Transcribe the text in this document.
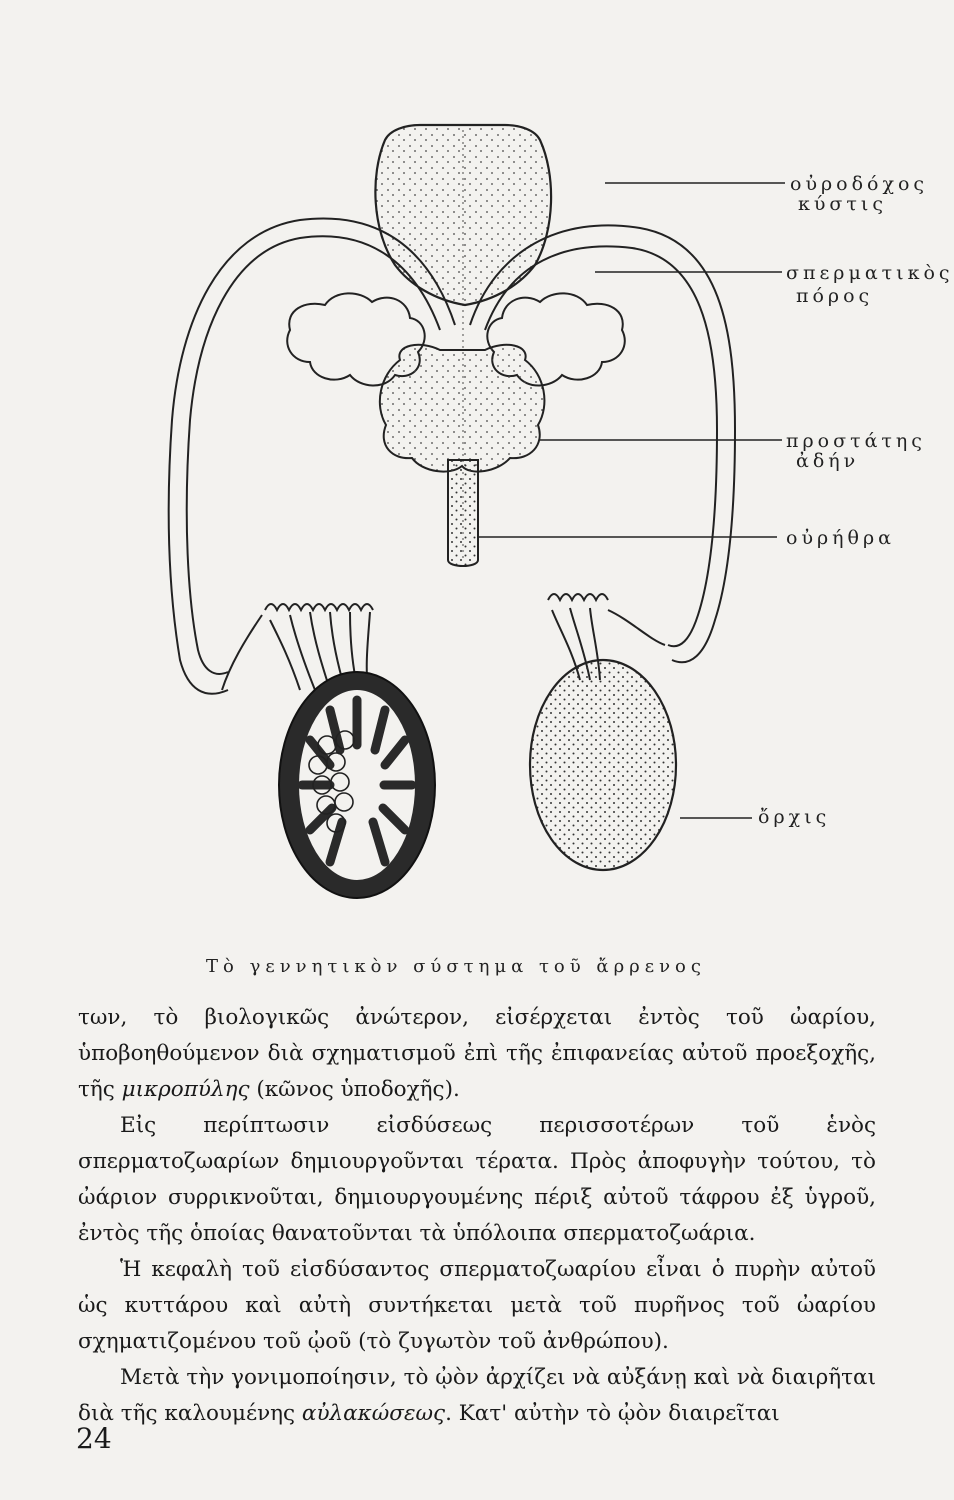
οὐροδόχος
κύστις
σπερματικὸς
πόρος
προστάτης
ἀδήν
οὐρήθρα
ὄρχις
Τὸ γεννητικὸν σύστημα τοῦ ἄρρενος

των, τὸ βιολογικῶς ἀνώτερον, εἰσέρχεται ἐντὸς τοῦ ὠαρίου, ὑποβοηθούμενον διὰ σχηματισμοῦ ἐπὶ τῆς ἐπιφανείας αὐτοῦ προεξοχῆς, τῆς μικροπύλης (κῶνος ὑποδοχῆς).

Εἰς περίπτωσιν εἰσδύσεως περισσοτέρων τοῦ ἑνὸς σπερματοζωαρίων δημιουργοῦνται τέρατα. Πρὸς ἀποφυγὴν τούτου, τὸ ὠάριον συρρικνοῦται, δημιουργουμένης πέριξ αὐτοῦ τάφρου ἐξ ὑγροῦ, ἐντὸς τῆς ὁποίας θανατοῦνται τὰ ὑπόλοιπα σπερματοζωάρια.

Ἡ κεφαλὴ τοῦ εἰσδύσαντος σπερματοζωαρίου εἶναι ὁ πυρὴν αὐτοῦ ὡς κυττάρου καὶ αὐτὴ συντήκεται μετὰ τοῦ πυρῆνος τοῦ ὠαρίου σχηματιζομένου τοῦ ᾠοῦ (τὸ ζυγωτὸν τοῦ ἀνθρώπου).

Μετὰ τὴν γονιμοποίησιν, τὸ ᾠὸν ἀρχίζει νὰ αὐξάνῃ καὶ νὰ διαιρῆται διὰ τῆς καλουμένης αὐλακώσεως. Κατ' αὐτὴν τὸ ᾠὸν διαιρεῖται

24
